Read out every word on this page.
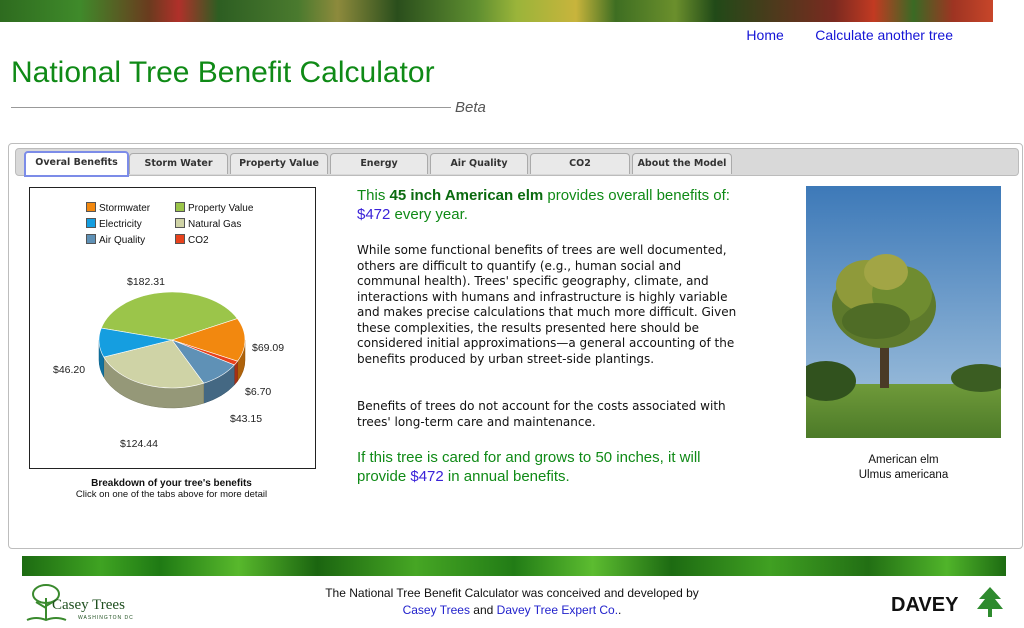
Home Calculate another tree
National Tree Benefit Calculator
Beta
Overal Benefits	Storm Water	Property Value	Energy	Air Quality	CO2	About the Model
Stormwater	Property Value
Electricity	Natural Gas
Air Quality	CO2
$182.31
$69.09
$6.70
$43.15
$124.44
$46.20
Breakdown of your tree's benefits
Click on one of the tabs above for more detail
This 45 inch American elm provides overall benefits of: $472 every year.
While some functional benefits of trees are well documented, others are difficult to quantify (e.g., human social and communal health). Trees' specific geography, climate, and interactions with humans and infrastructure is highly variable and makes precise calculations that much more difficult. Given these complexities, the results presented here should be considered initial approximations—a general accounting of the benefits produced by urban street-side plantings.
Benefits of trees do not account for the costs associated with trees' long-term care and maintenance.
If this tree is cared for and grows to 50 inches, it will provide $472 in annual benefits.
American elm
Ulmus americana
Casey Trees
WASHINGTON DC
The National Tree Benefit Calculator was conceived and developed by
Casey Trees and Davey Tree Expert Co..	DAVEY
